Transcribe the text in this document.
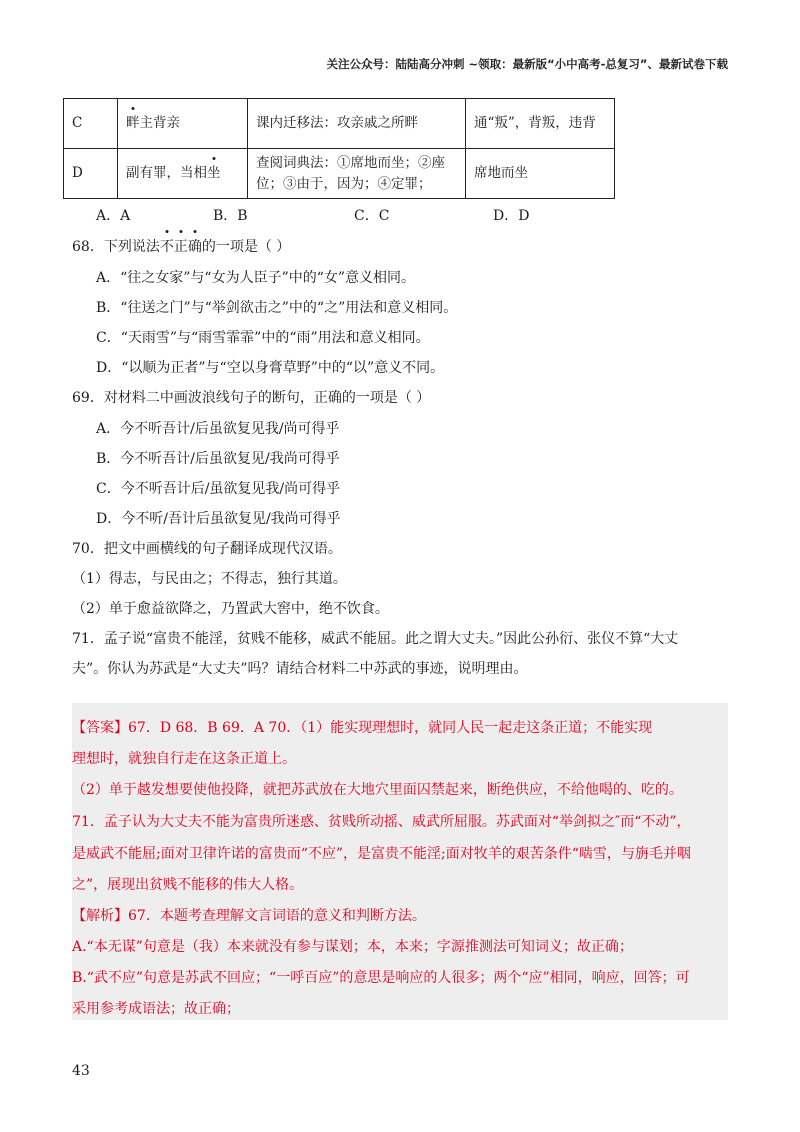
关注公众号：陆陆高分冲刺 ~领取：最新版“小中高考-总复习”、最新试卷下载
C	畔主背亲	课内迁移法：攻亲戚之所畔	通“叛”，背叛，违背
D	副有罪，当相坐	查阅词典法：①席地而坐；②座位；③由于，因为；④定罪；	席地而坐
A．A	B．B	C．C	D．D
68．下列说法不正确的一项是（ ）
A．“往之女家”与“女为人臣子”中的“女”意义相同。
B．“往送之门”与“举剑欲击之”中的“之”用法和意义相同。
C．“天雨雪”与“雨雪霏霏”中的“雨”用法和意义相同。
D．“以顺为正者”与“空以身膏草野”中的“以”意义不同。
69．对材料二中画波浪线句子的断句，正确的一项是（ ）
A．今不听吾计/后虽欲复见我/尚可得乎
B．今不听吾计/后虽欲复见/我尚可得乎
C．今不听吾计后/虽欲复见我/尚可得乎
D．今不听/吾计后虽欲复见/我尚可得乎
70．把文中画横线的句子翻译成现代汉语。
（1）得志，与民由之；不得志，独行其道。
（2）单于愈益欲降之，乃置武大窖中，绝不饮食。
71．孟子说“富贵不能淫，贫贱不能移，威武不能屈。此之谓大丈夫。”因此公孙衍、张仪不算“大丈
夫”。你认为苏武是“大丈夫”吗？请结合材料二中苏武的事迹，说明理由。
【答案】67．D 68．B 69．A 70．（1）能实现理想时，就同人民一起走这条正道；不能实现
理想时，就独自行走在这条正道上。
（2）单于越发想要使他投降，就把苏武放在大地穴里面囚禁起来，断绝供应，不给他喝的、吃的。
71．孟子认为大丈夫不能为富贵所迷惑、贫贱所动摇、威武所屈服。苏武面对“举剑拟之″而“不动”，
是威武不能屈;面对卫律许诺的富贵而“不应”，是富贵不能淫;面对牧羊的艰苦条件“啮雪，与旃毛并咽
之”，展现出贫贱不能移的伟大人格。
【解析】67．本题考查理解文言词语的意义和判断方法。
A.“本无谋”句意是（我）本来就没有参与谋划；本，本来；字源推测法可知词义；故正确；
B.“武不应”句意是苏武不回应；“一呼百应”的意思是响应的人很多；两个“应”相同，响应，回答；可
采用参考成语法；故正确；
43
